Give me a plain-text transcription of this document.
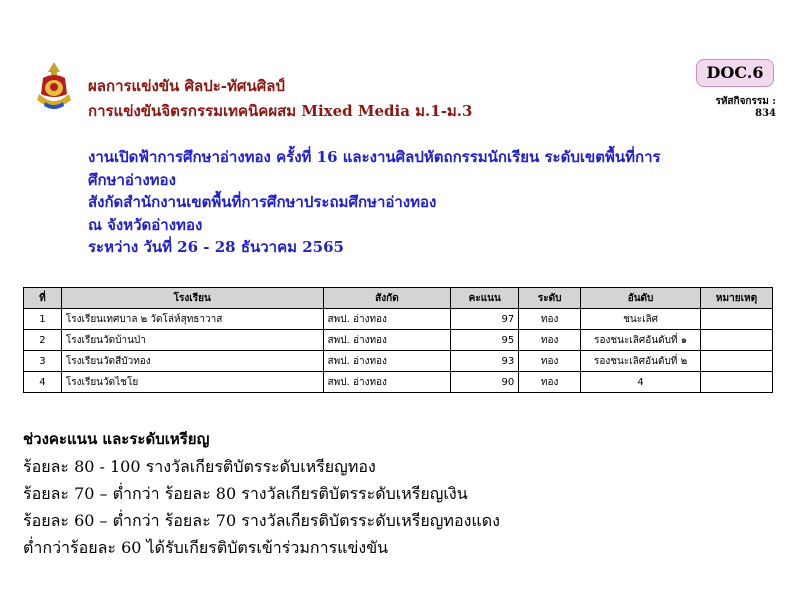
ผลการแข่งขัน ศิลปะ-ทัศนศิลป์
การแข่งขันจิตรกรรมเทคนิคผสม Mixed Media ม.1-ม.3
DOC.6
รหัสกิจกรรม :
834
งานเปิดฟ้าการศึกษาอ่างทอง ครั้งที่ 16 และงานศิลปหัตถกรรมนักเรียน ระดับเขตพื้นที่การ
ศึกษาอ่างทอง
สังกัดสำนักงานเขตพื้นที่การศึกษาประถมศึกษาอ่างทอง
ณ จังหวัดอ่างทอง
ระหว่าง วันที่ 26 - 28 ธันวาคม 2565
ที่	โรงเรียน	สังกัด	คะแนน	ระดับ	อันดับ	หมายเหตุ
1	โรงเรียนเทศบาล ๒ วัดโล่ห์สุทธาวาส	สพป. อ่างทอง	97	ทอง	ชนะเลิศ	
2	โรงเรียนวัดบ้านป่า	สพป. อ่างทอง	95	ทอง	รองชนะเลิศอันดับที่ ๑	
3	โรงเรียนวัดสีบัวทอง	สพป. อ่างทอง	93	ทอง	รองชนะเลิศอันดับที่ ๒	
4	โรงเรียนวัดไชโย	สพป. อ่างทอง	90	ทอง	4	
ช่วงคะแนน และระดับเหรียญ
ร้อยละ 80 - 100 รางวัลเกียรติบัตรระดับเหรียญทอง
ร้อยละ 70 – ต่ำกว่า ร้อยละ 80 รางวัลเกียรติบัตรระดับเหรียญเงิน
ร้อยละ 60 – ต่ำกว่า ร้อยละ 70 รางวัลเกียรติบัตรระดับเหรียญทองแดง
ต่ำกว่าร้อยละ 60 ได้รับเกียรติบัตรเข้าร่วมการแข่งขัน
